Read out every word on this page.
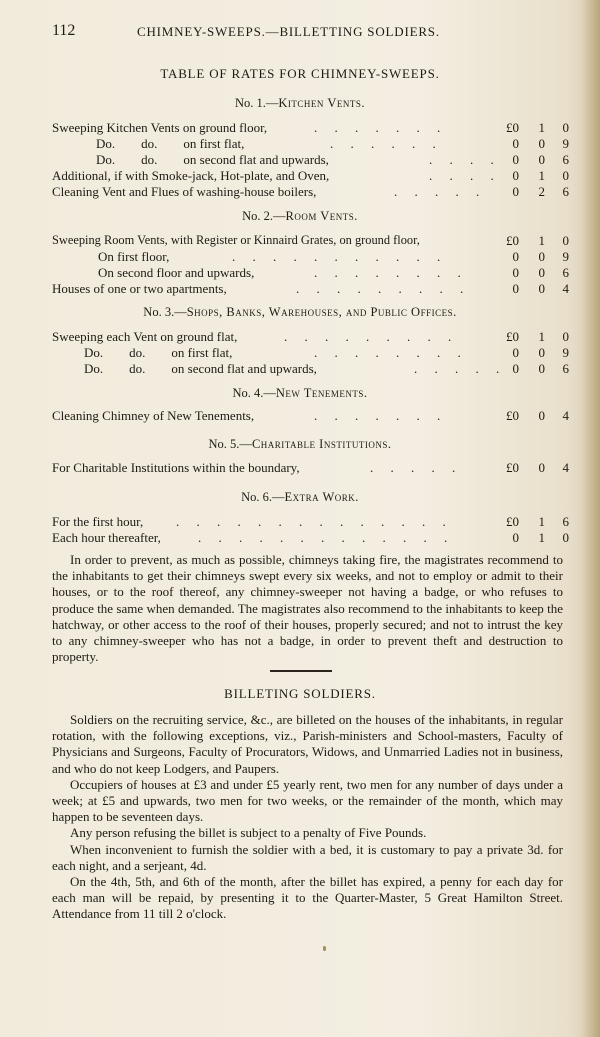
112	CHIMNEY-SWEEPS.—BILLETTING SOLDIERS.
TABLE OF RATES FOR CHIMNEY-SWEEPS.
No. 1.—Kitchen Vents.
Sweeping Kitchen Vents on ground floor,	. . . . . . .	£0	1	0
Do.        do.        on first flat,	. . . . . .	0	0	9
Do.        do.        on second flat and upwards,	. . . . 0	0	6
Additional, if with Smoke-jack, Hot-plate, and Oven,	. . . . 0	1	0
Cleaning Vent and Flues of washing-house boilers,	. . . . .	0	2	6
No. 2.—Room Vents.
Sweeping Room Vents, with Register or Kinnaird Grates, on ground floor,	£0	1	0
On first floor,	. . . . . . . . . . .	0	0	9
On second floor and upwards,	. . . . . . . .	0	0	6
Houses of one or two apartments,	. . . . . . . . .	0	0	4
No. 3.—Shops, Banks, Warehouses, and Public Offices.
Sweeping each Vent on ground flat,	. . . . . . . . .	£0	1	0
Do.        do.        on first flat,	. . . . . . . .	0	0	9
Do.        do.        on second flat and upwards,	. . . . . 0	0	6
No. 4.—New Tenements.
Cleaning Chimney of New Tenements,	. . . . . . .	£0	0	4
No. 5.—Charitable Institutions.
For Charitable Institutions within the boundary,	. . . . .	£0	0	4
No. 6.—Extra Work.
For the first hour,	. . . . . . . . . . . . . .	£0	1	6
Each hour thereafter,	. . . . . . . . . . . . .	0	1	0

In order to prevent, as much as possible, chimneys taking fire, the magistrates recommend to the inhabitants to get their chimneys swept every six weeks, and not to employ or admit to their houses, or to the roof thereof, any chimney-sweeper not having a badge, or who refuses to produce the same when demanded. The magistrates also recommend to the inhabitants to keep the hatchway, or other access to the roof of their houses, properly secured; and not to intrust the key to any chimney-sweeper who has not a badge, in order to prevent theft and destruction to property.

BILLETING SOLDIERS.

Soldiers on the recruiting service, &c., are billeted on the houses of the inhabitants, in regular rotation, with the following exceptions, viz., Parish-ministers and School-masters, Faculty of Physicians and Surgeons, Faculty of Procurators, Widows, and Unmarried Ladies not in business, and who do not keep Lodgers, and Paupers.

Occupiers of houses at £3 and under £5 yearly rent, two men for any number of days under a week; at £5 and upwards, two men for two weeks, or the remainder of the month, which may happen to be seventeen days.

Any person refusing the billet is subject to a penalty of Five Pounds.

When inconvenient to furnish the soldier with a bed, it is customary to pay a private 3d. for each night, and a serjeant, 4d.

On the 4th, 5th, and 6th of the month, after the billet has expired, a penny for each day for each man will be repaid, by presenting it to the Quarter-Master, 5 Great Hamilton Street. Attendance from 11 till 2 o'clock.
